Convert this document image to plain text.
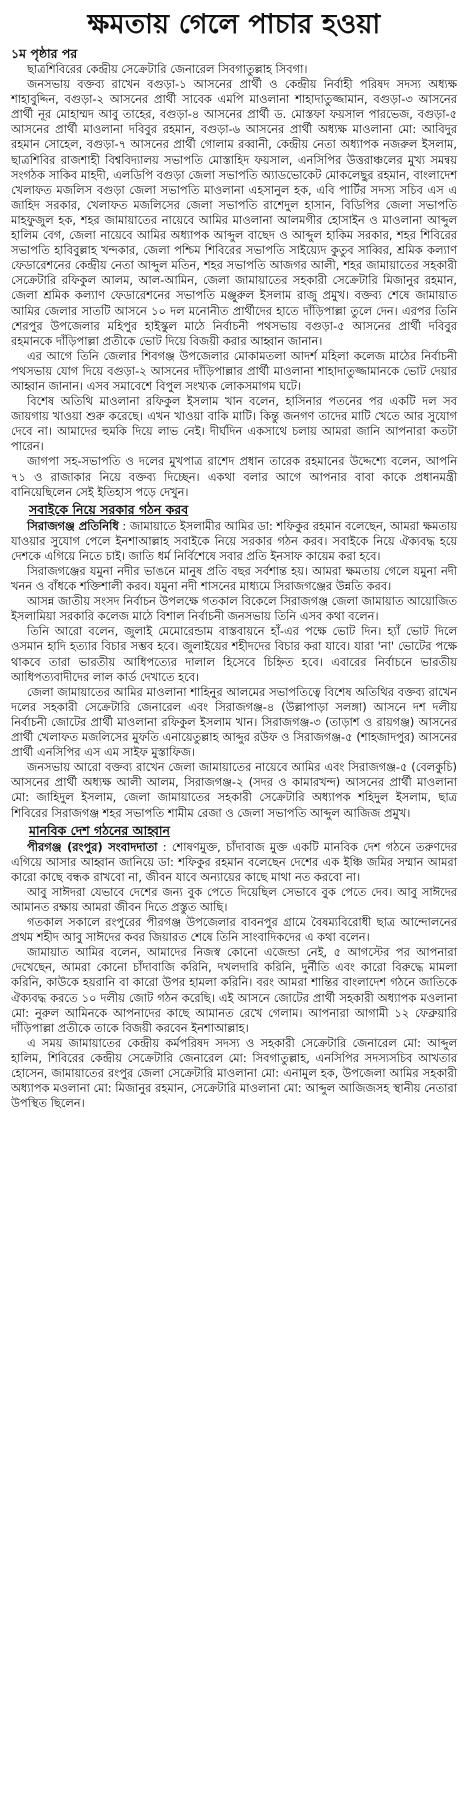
ক্ষমতায় গেলে পাচার হওয়া
১ম পৃষ্ঠার পর

ছাত্রশিবিরের কেন্দ্রীয় সেক্রেটারি জেনারেল সিবগাতুল্লাহ সিবগা।

জনসভায় বক্তব্য রাখেন বগুড়া-১ আসনের প্রার্থী ও কেন্দ্রীয় নির্বাহী পরিষদ সদস্য অধ্যক্ষ শাহাবুদ্দিন, বগুড়া-২ আসনের প্রার্থী সাবেক এমপি মাওলানা শাহাদাতুজ্জামান, বগুড়া-৩ আসনের প্রার্থী নূর মোহাম্মদ আবু তাহের, বগুড়া-৪ আসনের প্রার্থী ড. মোস্তফা ফয়সাল পারভেজ, বগুড়া-৫ আসনের প্রার্থী মাওলানা দবিবুর রহমান, বগুড়া-৬ আসনের প্রার্থী অধ্যক্ষ মাওলানা মো: আবিদুর রহমান সোহেল, বগুড়া-৭ আসনের প্রার্থী গোলাম রব্বানী, কেন্দ্রীয় নেতা অধ্যাপক নজরুল ইসলাম, ছাত্রশিবির রাজশাহী বিশ্ববিদ্যালয় সভাপতি মোস্তাহিদ ফয়সাল, এনসিপির উত্তরাঞ্চলের মুখ্য সমন্বয় সংগঠক সাকিব মাহদী, এলডিপি বগুড়া জেলা সভাপতি অ্যাডভোকেট মোকলেছুর রহমান, বাংলাদেশ খেলাফত মজলিস বগুড়া জেলা সভাপতি মাওলানা এহসানুল হক, এবি পার্টির সদস্য সচিব এস এ জাহিদ সরকার, খেলাফত মজলিসের জেলা সভাপতি রাশেদুল হাসান, বিডিপির জেলা সভাপতি মাহফুজুল হক, শহর জামায়াতের নায়েবে আমির মাওলানা আলমগীর হোসাইন ও মাওলানা আব্দুল হালিম বেগ, জেলা নায়েবে আমির অধ্যাপক আব্দুল বাছেদ ও আব্দুল হাকিম সরকার, শহর শিবিরের সভাপতি হাবিবুল্লাহ খন্দকার, জেলা পশ্চিম শিবিরের সভাপতি সাইয়্যেদ কুতুব সাব্বির, শ্রমিক কল্যাণ ফেডারেশনের কেন্দ্রীয় নেতা আব্দুল মতিন, শহর সভাপতি আজগর আলী, শহর জামায়াতের সহকারী সেক্রেটারি রফিকুল আলম, আল-আমিন, জেলা জামায়াতের সহকারী সেক্রেটারি মিজানুর রহমান, জেলা শ্রমিক কল্যাণ ফেডারেশনের সভাপতি মঞ্জুরুল ইসলাম রাজু প্রমুখ। বক্তব্য শেষে জামায়াত আমির জেলার সাতটি আসনে ১০ দল মনোনীত প্রার্থীদের হাতে দাঁড়িপাল্লা তুলে দেন। এরপর তিনি শেরপুর উপজেলার মহিপুর হাইস্কুল মাঠে নির্বাচনী পথসভায় বগুড়া-৫ আসনের প্রার্থী দবিবুর রহমানকে দাঁড়িপাল্লা প্রতীকে ভোট দিয়ে বিজয়ী করার আহ্বান জানান।

এর আগে তিনি জেলার শিবগঞ্জ উপজেলার মোকামতলা আদর্শ মহিলা কলেজ মাঠের নির্বাচনী পথসভায় যোগ দিয়ে বগুড়া-২ আসনের দাঁড়িপাল্লার প্রার্থী মাওলানা শাহাদাতুজ্জামানকে ভোট দেয়ার আহ্বান জানান। এসব সমাবেশে বিপুল সংখ্যক লোকসমাগম ঘটে।

বিশেষ অতিথি মাওলানা রফিকুল ইসলাম খান বলেন, হাসিনার পতনের পর একটি দল সব জায়গায় খাওয়া শুরু করেছে। এখন খাওয়া বাকি মাটি। কিন্তু জনগণ তাদের মাটি খেতে আর সুযোগ দেবে না। আমাদের হুমকি দিয়ে লাভ নেই। দীর্ঘদিন একসাথে চলায় আমরা জানি আপনারা কতটা পারেন।

জাগপা সহ-সভাপতি ও দলের মুখপাত্র রাশেদ প্রধান তারেক রহমানের উদ্দেশ্যে বলেন, আপনি ৭১ ও রাজাকার নিয়ে বক্তব্য দিচ্ছেন। একথা বলার আগে আপনার বাবা কাকে প্রধানমন্ত্রী বানিয়েছিলেন সেই ইতিহাস পড়ে দেখুন।

সবাইকে নিয়ে সরকার গঠন করব

সিরাজগঞ্জ প্রতিনিধি : জামায়াতে ইসলামীর আমির ডা: শফিকুর রহমান বলেছেন, আমরা ক্ষমতায় যাওয়ার সুযোগ পেলে ইনশাআল্লাহ সবাইকে নিয়ে সরকার গঠন করব। সবাইকে নিয়ে ঐক্যবদ্ধ হয়ে দেশকে এগিয়ে নিতে চাই। জাতি ধর্ম নির্বিশেষে সবার প্রতি ইনসাফ কায়েম করা হবে।

সিরাজগঞ্জের যমুনা নদীর ভাঙনে মানুষ প্রতি বছর সর্বশান্ত হয়। আমরা ক্ষমতায় গেলে যমুনা নদী খনন ও বাঁধকে শক্তিশালী করব। যমুনা নদী শাসনের মাধ্যমে সিরাজগঞ্জের উন্নতি করব।

আসন্ন জাতীয় সংসদ নির্বাচন উপলক্ষে গতকাল বিকেলে সিরাজগঞ্জ জেলা জামায়াত আয়োজিত ইসলামিয়া সরকারি কলেজ মাঠে বিশাল নির্বাচনী জনসভায় তিনি এসব কথা বলেন।

তিনি আরো বলেন, জুলাই মেমোরেন্ডাম বাস্তবায়নে হাঁ-এর পক্ষে ভোট দিন। হ্যাঁ ভোট দিলে ওসমান হাদি হত্যার বিচার সম্ভব হবে। জুলাইয়ের শহীদদের বিচার করা যাবে। যারা 'না' ভোটের পক্ষে থাকবে তারা ভারতীয় আধিপত্যের দালাল হিসেবে চিহ্নিত হবে। এবারের নির্বাচনে ভারতীয় আধিপত্যবাদীদের লাল কার্ড দেখাতে হবে।

জেলা জামায়াতের আমির মাওলানা শাহিনুর আলমের সভাপতিত্বে বিশেষ অতিথির বক্তব্য রাখেন দলের সহকারী সেক্রেটারি জেনারেল এবং সিরাজগঞ্জ-৪ (উল্লাপাড়া সলঙ্গা) আসনে দশ দলীয় নির্বাচনী জোটের প্রার্থী মাওলানা রফিকুল ইসলাম খান। সিরাজগঞ্জ-৩ (তাড়াশ ও রায়গঞ্জ) আসনের প্রার্থী খেলাফত মজলিসের মুফতি এনায়েতুল্লাহ আব্দুর রউফ ও সিরাজগঞ্জ-৫ (শাহজাদপুর) আসনের প্রার্থী এনসিপির এস এম সাইফ মুস্তাফিজ।

জনসভায় আরো বক্তব্য রাখেন জেলা জামায়াতের নায়েবে আমির এবং সিরাজগঞ্জ-৫ (বেলকুচি) আসনের প্রার্থী অধ্যক্ষ আলী আলম, সিরাজগঞ্জ-২ (সদর ও কামারখন্দ) আসনের প্রার্থী মাওলানা মো: জাহিদুল ইসলাম, জেলা জামায়াতের সহকারী সেক্রেটারি অধ্যাপক শহিদুল ইসলাম, ছাত্র শিবিরের সিরাজগঞ্জ শহর সভাপতি শামীম রেজা ও জেলা সভাপতি আব্দুল আজিজ প্রমুখ।

মানবিক দেশ গঠনের আহ্বান

পীরগঞ্জ (রংপুর) সংবাদদাতা : শোষণমুক্ত, চাঁদাবাজ মুক্ত একটি মানবিক দেশ গঠনে তরুণদের এগিয়ে আসার আহ্বান জানিয়ে ডা: শফিকুর রহমান বলেছেন দেশের এক ইঞ্চি জমির সম্মান আমরা কারো কাছে বন্ধক রাখবো না, জীবন যাবে অন্যায়ের কাছে মাথা নত করবো না।

আবু সাঈদরা যেভাবে দেশের জন্য বুক পেতে দিয়েছিল সেভাবে বুক পেতে দেব। আবু সাঈদের আমানত রক্ষায় আমরা জীবন দিতে প্রস্তুত আছি।

গতকাল সকালে রংপুরের পীরগঞ্জ উপজেলার বাবনপুর গ্রামে বৈষম্যবিরোধী ছাত্র আন্দোলনের প্রথম শহীদ আবু সাঈদের কবর জিয়ারত শেষে তিনি সাংবাদিকদের এ কথা বলেন।

জামায়াত আমির বলেন, আমাদের নিজস্ব কোনো এজেন্ডা নেই, ৫ আগস্টের পর আপনারা দেখেছেন, আমরা কোনো চাঁদাবাজি করিনি, দখলদারি করিনি, দুর্নীতি এবং কারো বিরুদ্ধে মামলা করিনি, কাউকে হয়রানি বা কারো উপর হামলা করিনি। বরং আমরা শান্তির বাংলাদেশ গঠনে জাতিকে ঐক্যবদ্ধ করতে ১০ দলীয় জোট গঠন করেছি। এই আসনে জোটের প্রার্থী সহকারী অধ্যাপক মওলানা মো: নুরুল আমিনকে আপনাদের কাছে আমানত রেখে গেলাম। আপনারা আগামী ১২ ফেব্রুয়ারি দাঁড়িপাল্লা প্রতীকে তাকে বিজয়ী করবেন ইনশাআল্লাহ।

এ সময় জামায়াতের কেন্দ্রীয় কর্মপরিষদ সদস্য ও সহকারী সেক্রেটারি জেনারেল মো: আব্দুল হালিম, শিবিরের কেন্দ্রীয় সেক্রেটারি জেনারেল মো: সিবগাতুল্লাহ, এনসিপির সদস্যসচিব আখতার হোসেন, জামায়াতের রংপুর জেলা সেক্রেটারি মাওলানা মো: এনামুল হক, উপজেলা আমির সহকারী অধ্যাপক মওলানা মো: মিজানুর রহমান, সেক্রেটারি মাওলানা মো: আব্দুল আজিজসহ স্থানীয় নেতারা উপস্থিত ছিলেন।
